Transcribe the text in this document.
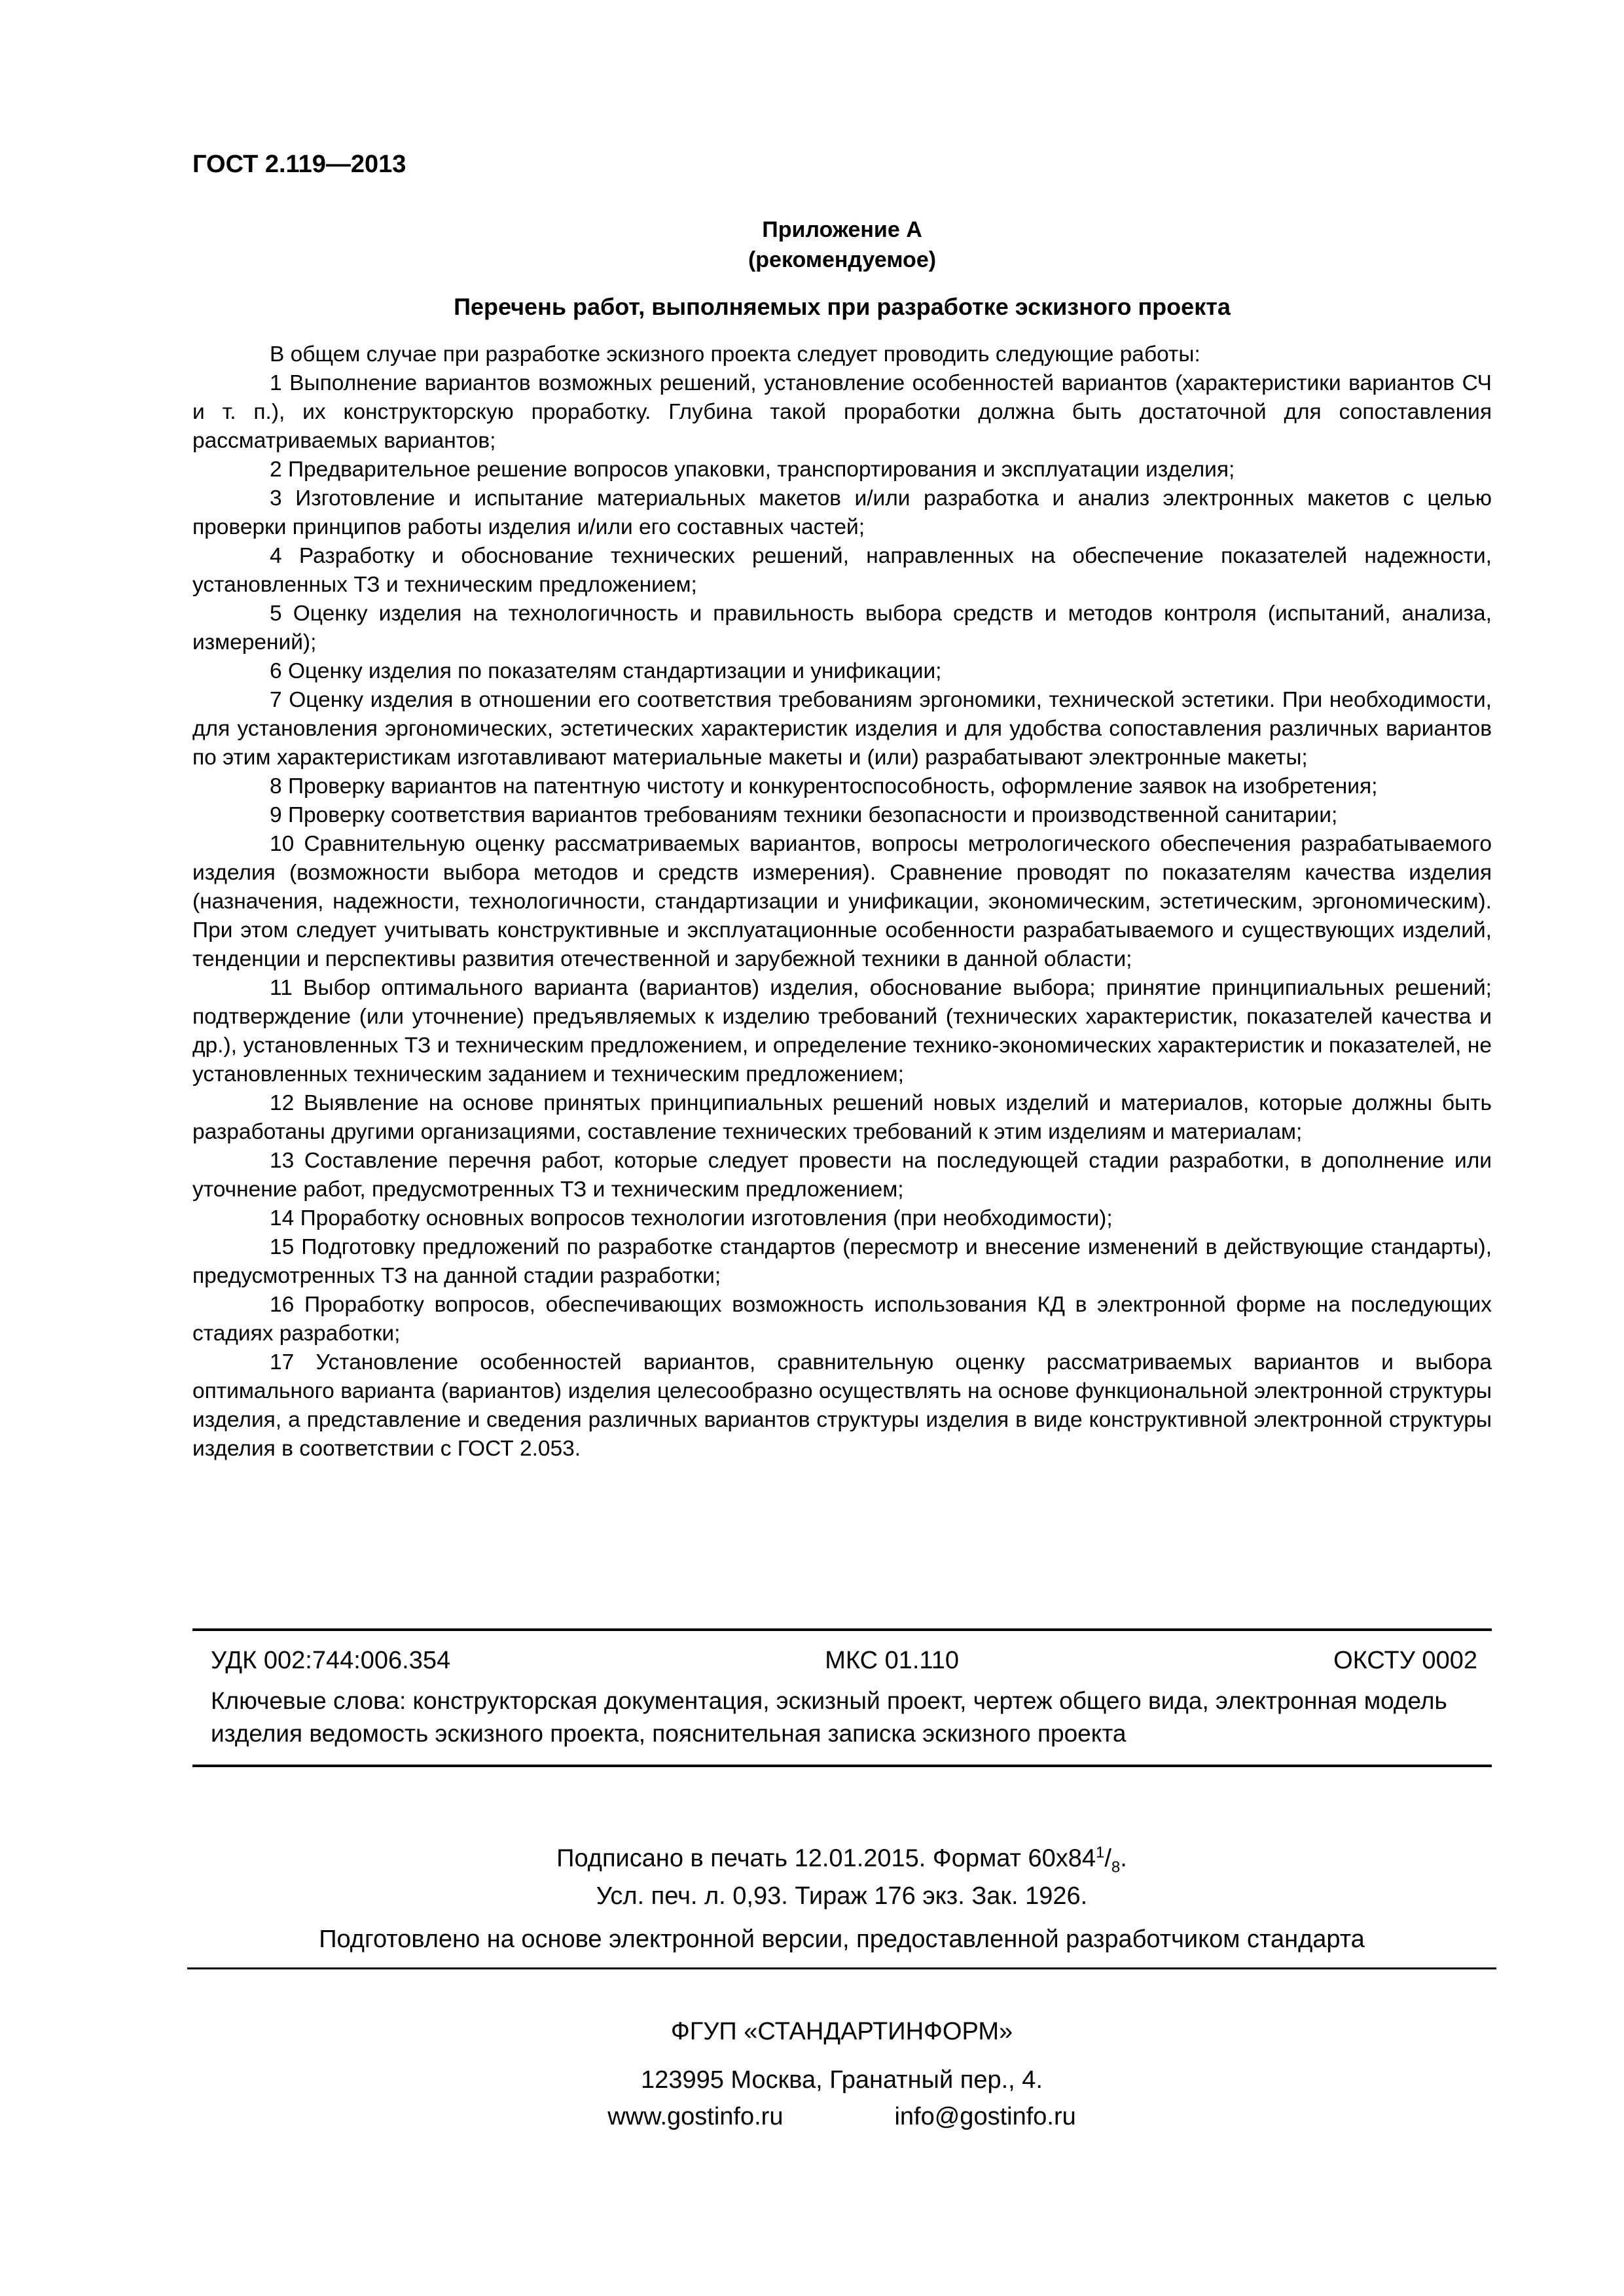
ГОСТ 2.119—2013
Приложение А
(рекомендуемое)
Перечень работ, выполняемых при разработке эскизного проекта

В общем случае при разработке эскизного проекта следует проводить следующие работы:

1 Выполнение вариантов возможных решений, установление особенностей вариантов (характеристики вариантов СЧ и т. п.), их конструкторскую проработку. Глубина такой проработки должна быть достаточной для сопоставления рассматриваемых вариантов;

2 Предварительное решение вопросов упаковки, транспортирования и эксплуатации изделия;

3 Изготовление и испытание материальных макетов и/или разработка и анализ электронных макетов с целью проверки принципов работы изделия и/или его составных частей;

4 Разработку и обоснование технических решений, направленных на обеспечение показателей надежности, установленных ТЗ и техническим предложением;

5 Оценку изделия на технологичность и правильность выбора средств и методов контроля (испытаний, анализа, измерений);

6 Оценку изделия по показателям стандартизации и унификации;

7 Оценку изделия в отношении его соответствия требованиям эргономики, технической эстетики. При необходимости, для установления эргономических, эстетических характеристик изделия и для удобства сопоставления различных вариантов по этим характеристикам изготавливают материальные макеты и (или) разрабатывают электронные макеты;

8 Проверку вариантов на патентную чистоту и конкурентоспособность, оформление заявок на изобретения;

9 Проверку соответствия вариантов требованиям техники безопасности и производственной санитарии;

10 Сравнительную оценку рассматриваемых вариантов, вопросы метрологического обеспечения разрабатываемого изделия (возможности выбора методов и средств измерения). Сравнение проводят по показателям качества изделия (назначения, надежности, технологичности, стандартизации и унификации, экономическим, эстетическим, эргономическим). При этом следует учитывать конструктивные и эксплуатационные особенности разрабатываемого и существующих изделий, тенденции и перспективы развития отечественной и зарубежной техники в данной области;

11 Выбор оптимального варианта (вариантов) изделия, обоснование выбора; принятие принципиальных решений; подтверждение (или уточнение) предъявляемых к изделию требований (технических характеристик, показателей качества и др.), установленных ТЗ и техническим предложением, и определение технико-экономических характеристик и показателей, не установленных техническим заданием и техническим предложением;

12 Выявление на основе принятых принципиальных решений новых изделий и материалов, которые должны быть разработаны другими организациями, составление технических требований к этим изделиям и материалам;

13 Составление перечня работ, которые следует провести на последующей стадии разработки, в дополнение или уточнение работ, предусмотренных ТЗ и техническим предложением;

14 Проработку основных вопросов технологии изготовления (при необходимости);

15 Подготовку предложений по разработке стандартов (пересмотр и внесение изменений в действующие стандарты), предусмотренных ТЗ на данной стадии разработки;

16 Проработку вопросов, обеспечивающих возможность использования КД в электронной форме на последующих стадиях разработки;

17 Установление особенностей вариантов, сравнительную оценку рассматриваемых вариантов и выбора оптимального варианта (вариантов) изделия целесообразно осуществлять на основе функциональной электронной структуры изделия, а представление и сведения различных вариантов структуры изделия в виде конструктивной электронной структуры изделия в соответствии с ГОСТ 2.053.

УДК 002:744:006.354	МКС 01.110	ОКСТУ 0002
Ключевые слова: конструкторская документация, эскизный проект, чертеж общего вида, электронная модель изделия ведомость эскизного проекта, пояснительная записка эскизного проекта
Подписано в печать 12.01.2015. Формат $60x84^1/_8$.
Усл. печ. л. 0,93. Тираж 176 экз. Зак. 1926.
Подготовлено на основе электронной версии, предоставленной разработчиком стандарта
ФГУП «СТАНДАРТИНФОРМ»
123995 Москва, Гранатный пер., 4.
www.gostinfo.ru	info@gostinfo.ru
